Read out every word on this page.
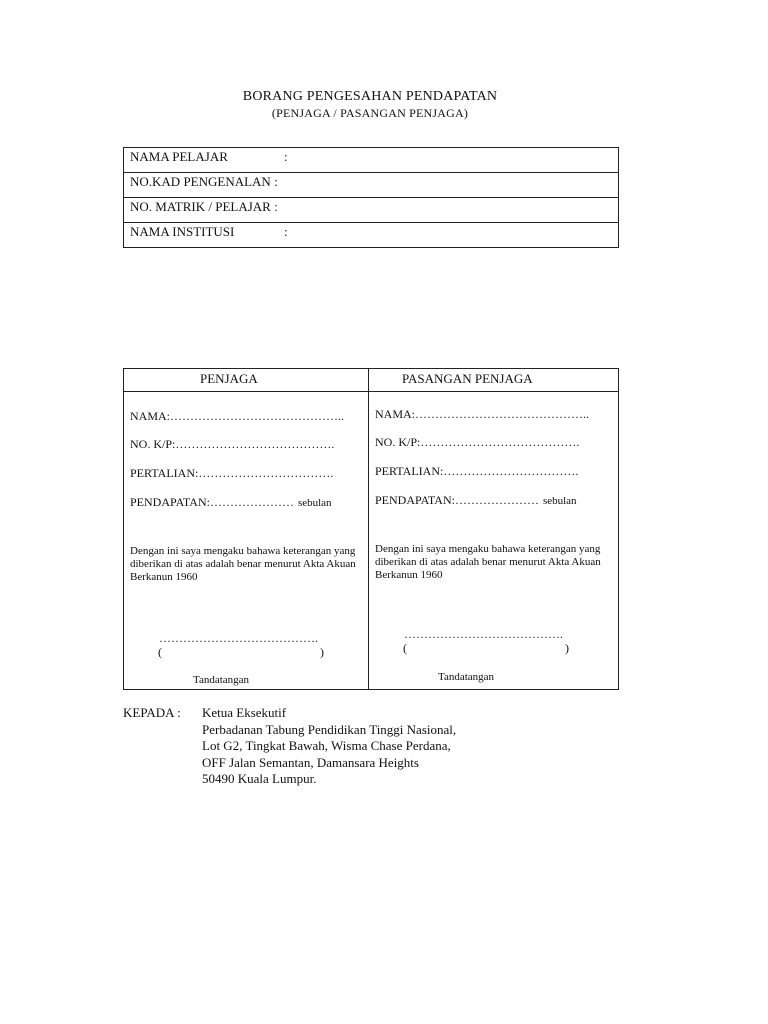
BORANG PENGESAHAN PENDAPATAN
(PENJAGA / PASANGAN PENJAGA)
NAMA PELAJAR	:
NO.KAD PENGENALAN :
NO. MATRIK / PELAJAR :
NAMA INSTITUSI	:
PENJAGA	PASANGAN PENJAGA
NAMA:……………………………………..
NO. K/P:………………………………….
PERTALIAN:…………………………….
PENDAPATAN:………………… sebulan
Dengan ini saya mengaku bahawa keterangan yang diberikan di atas adalah benar menurut Akta Akuan Berkanun 1960
………………………………….
(	)
Tandatangan
NAMA:……………………………………..
NO. K/P:………………………………….
PERTALIAN:…………………………….
PENDAPATAN:………………… sebulan
Dengan ini saya mengaku bahawa keterangan yang diberikan di atas adalah benar menurut Akta Akuan Berkanun 1960
………………………………….
(	)
Tandatangan
KEPADA : Ketua Eksekutif
Perbadanan Tabung Pendidikan Tinggi Nasional,
Lot G2, Tingkat Bawah, Wisma Chase Perdana,
OFF Jalan Semantan, Damansara Heights
50490 Kuala Lumpur.
